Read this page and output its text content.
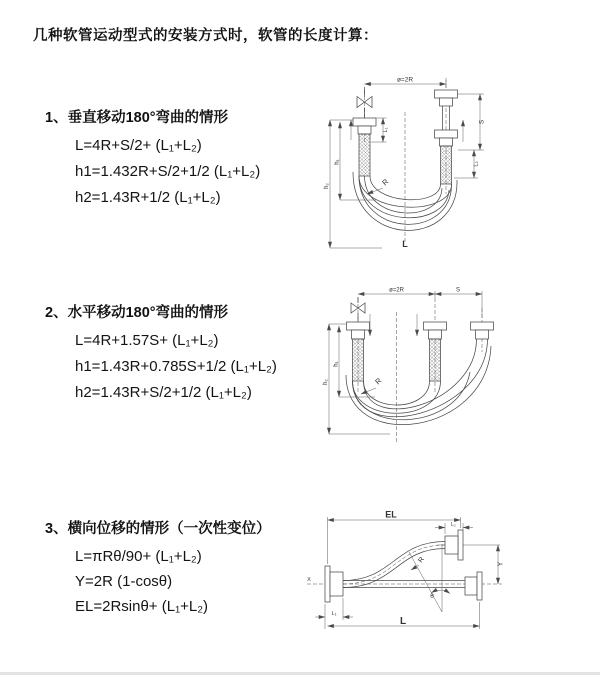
几种软管运动型式的安装方式时，软管的长度计算：
1、垂直移动180°弯曲的情形
L=4R+S/2+ (L₁+L₂)
h1=1.432R+S/2+1/2 (L₁+L₂)
h2=1.43R+1/2 (L₁+L₂)
2、水平移动180°弯曲的情形
L=4R+1.57S+ (L₁+L₂)
h1=1.43R+0.785S+1/2 (L₁+L₂)
h2=1.43R+S/2+1/2 (L₁+L₂)
3、横向位移的情形（一次性变位）
L=πRθ/90+ (L₁+L₂)
Y=2R (1-cosθ)
EL=2Rsinθ+ (L₁+L₂)
ø=2R
h₂
h₁
L₁
S
L₂
R
L
ø=2R	S
h₂
h₁
R
X
EL
L₂
Y
θ
R
L₁
L
